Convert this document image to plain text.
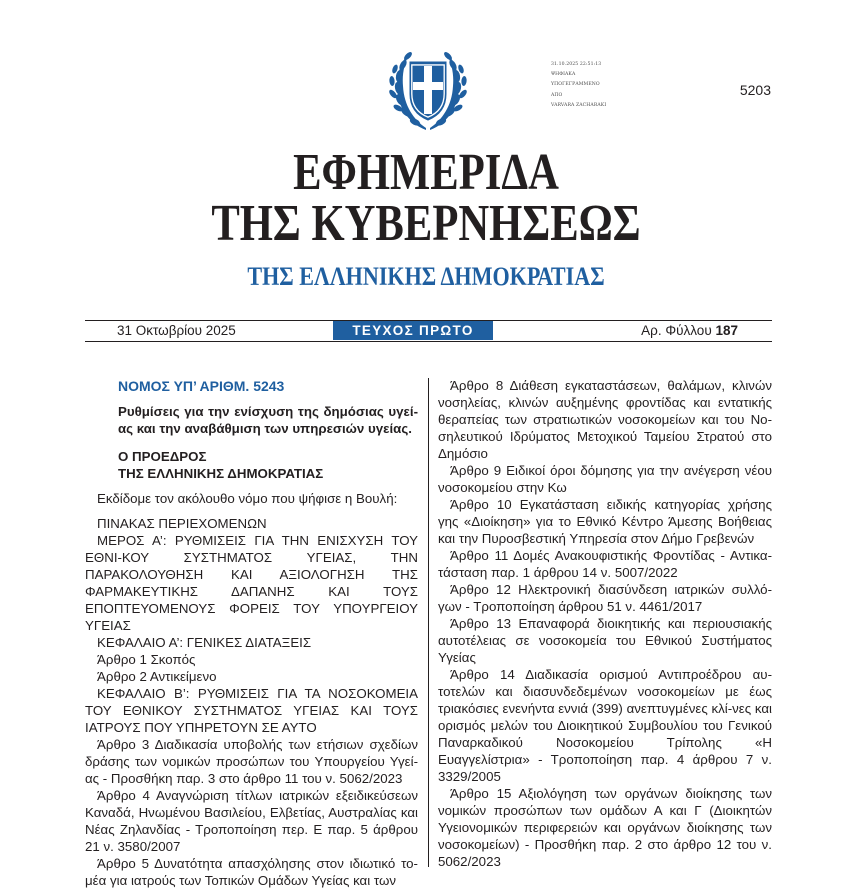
31.10.2025 22:51:13
ΨΗΦΙΑΚΑ
ΥΠΟΓΕΓΡΑΜΜΕΝΟ
ΑΠΟ
VARVARA ZACHARAKI
5203
ΕΦΗΜΕΡΙΔΑ
ΤΗΣ ΚΥΒΕΡΝΗΣΕΩΣ
ΤΗΣ ΕΛΛΗΝΙΚΗΣ ΔΗΜΟΚΡΑΤΙΑΣ
31 Οκτωβρίου 2025	ΤΕΥΧΟΣ ΠΡΩΤΟ	Αρ. Φύλλου 187
ΝΟΜΟΣ ΥΠ’ ΑΡΙΘΜ. 5243
Ρυθμίσεις για την ενίσχυση της δημόσιας υγεί-ας και την αναβάθμιση των υπηρεσιών υγείας.
Ο ΠΡΟΕΔΡΟΣ
ΤΗΣ ΕΛΛΗΝΙΚΗΣ ΔΗΜΟΚΡΑΤΙΑΣ

Εκδίδομε τον ακόλουθο νόμο που ψήφισε η Βουλή:

ΠΙΝΑΚΑΣ ΠΕΡΙΕΧΟΜΕΝΩΝ

ΜΕΡΟΣ Α’: ΡΥΘΜΙΣΕΙΣ ΓΙΑ ΤΗΝ ΕΝΙΣΧΥΣΗ ΤΟΥ ΕΘΝΙ-ΚΟΥ ΣΥΣΤΗΜΑΤΟΣ ΥΓΕΙΑΣ, ΤΗΝ ΠΑΡΑΚΟΛΟΥΘΗΣΗ ΚΑΙ ΑΞΙΟΛΟΓΗΣΗ ΤΗΣ ΦΑΡΜΑΚΕΥΤΙΚΗΣ ΔΑΠΑΝΗΣ ΚΑΙ ΤΟΥΣ ΕΠΟΠΤΕΥΟΜΕΝΟΥΣ ΦΟΡΕΙΣ ΤΟΥ ΥΠΟΥΡΓΕΙΟΥ ΥΓΕΙΑΣ

ΚΕΦΑΛΑΙΟ Α’: ΓΕΝΙΚΕΣ ΔΙΑΤΑΞΕΙΣ

Άρθρο 1 Σκοπός

Άρθρο 2 Αντικείμενο

ΚΕΦΑΛΑΙΟ Β’: ΡΥΘΜΙΣΕΙΣ ΓΙΑ ΤΑ ΝΟΣΟΚΟΜΕΙΑ ΤΟΥ ΕΘΝΙΚΟΥ ΣΥΣΤΗΜΑΤΟΣ ΥΓΕΙΑΣ ΚΑΙ ΤΟΥΣ ΙΑΤΡΟΥΣ ΠΟΥ ΥΠΗΡΕΤΟΥΝ ΣΕ ΑΥΤΟ

Άρθρο 3 Διαδικασία υποβολής των ετήσιων σχεδίων δράσης των νομικών προσώπων του Υπουργείου Υγεί-ας - Προσθήκη παρ. 3 στο άρθρο 11 του ν. 5062/2023

Άρθρο 4 Αναγνώριση τίτλων ιατρικών εξειδικεύσεων Καναδά, Ηνωμένου Βασιλείου, Ελβετίας, Αυστραλίας και Νέας Ζηλανδίας - Τροποποίηση περ. Ε παρ. 5 άρθρου 21 ν. 3580/2007

Άρθρο 5 Δυνατότητα απασχόλησης στον ιδιωτικό το-μέα για ιατρούς των Τοπικών Ομάδων Υγείας και των

Άρθρο 8 Διάθεση εγκαταστάσεων, θαλάμων, κλινών νοσηλείας, κλινών αυξημένης φροντίδας και εντατικής θεραπείας των στρατιωτικών νοσοκομείων και του Νο-σηλευτικού Ιδρύματος Μετοχικού Ταμείου Στρατού στο Δημόσιο

Άρθρο 9 Ειδικοί όροι δόμησης για την ανέγερση νέου νοσοκομείου στην Κω

Άρθρο 10 Εγκατάσταση ειδικής κατηγορίας χρήσης γης «Διοίκηση» για το Εθνικό Κέντρο Άμεσης Βοήθειας και την Πυροσβεστική Υπηρεσία στον Δήμο Γρεβενών

Άρθρο 11 Δομές Ανακουφιστικής Φροντίδας - Αντικα-τάσταση παρ. 1 άρθρου 14 ν. 5007/2022

Άρθρο 12 Ηλεκτρονική διασύνδεση ιατρικών συλλό-γων - Τροποποίηση άρθρου 51 ν. 4461/2017

Άρθρο 13 Επαναφορά διοικητικής και περιουσιακής αυτοτέλειας σε νοσοκομεία του Εθνικού Συστήματος Υγείας

Άρθρο 14 Διαδικασία ορισμού Αντιπροέδρου αυ-τοτελών και διασυνδεδεμένων νοσοκομείων με έως τριακόσιες ενενήντα εννιά (399) ανεπτυγμένες κλί-νες και ορισμός μελών του Διοικητικού Συμβουλίου του Γενικού Παναρκαδικού Νοσοκομείου Τρίπολης «Η Ευαγγελίστρια» - Τροποποίηση παρ. 4 άρθρου 7 ν. 3329/2005

Άρθρο 15 Αξιολόγηση των οργάνων διοίκησης των νομικών προσώπων των ομάδων Α και Γ (Διοικητών Υγειονομικών περιφερειών και οργάνων διοίκησης των νοσοκομείων) - Προσθήκη παρ. 2 στο άρθρο 12 του ν. 5062/2023
